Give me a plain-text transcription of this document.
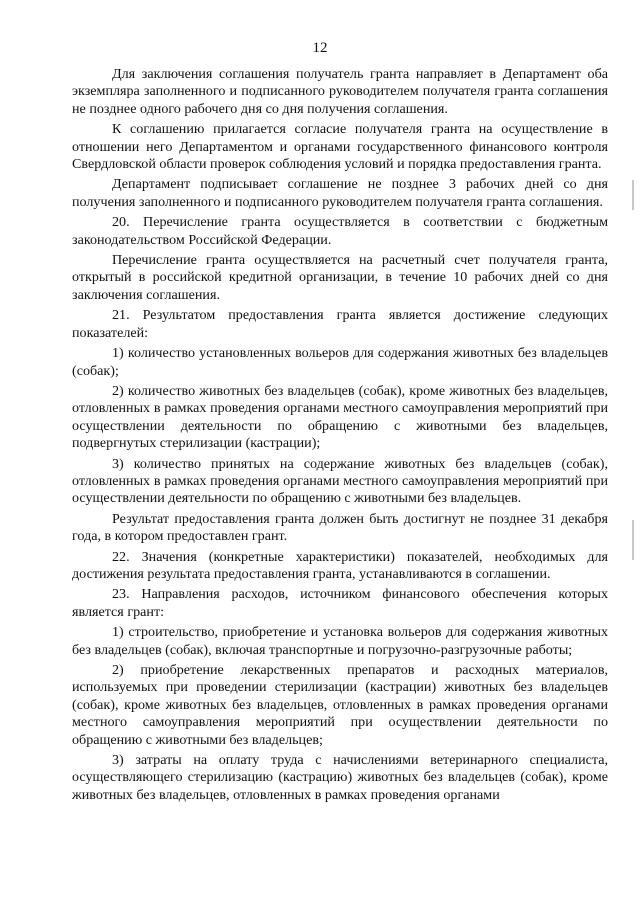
12

Для заключения соглашения получатель гранта направляет в Департамент оба экземпляра заполненного и подписанного руководителем получателя гранта соглашения не позднее одного рабочего дня со дня получения соглашения.

К соглашению прилагается согласие получателя гранта на осуществление в отношении него Департаментом и органами государственного финансового контроля Свердловской области проверок соблюдения условий и порядка предоставления гранта.

Департамент подписывает соглашение не позднее 3 рабочих дней со дня получения заполненного и подписанного руководителем получателя гранта соглашения.

20. Перечисление гранта осуществляется в соответствии с бюджетным законодательством Российской Федерации.

Перечисление гранта осуществляется на расчетный счет получателя гранта, открытый в российской кредитной организации, в течение 10 рабочих дней со дня заключения соглашения.

21. Результатом предоставления гранта является достижение следующих показателей:

1) количество установленных вольеров для содержания животных без владельцев (собак);

2) количество животных без владельцев (собак), кроме животных без владельцев, отловленных в рамках проведения органами местного самоуправления мероприятий при осуществлении деятельности по обращению с животными без владельцев, подвергнутых стерилизации (кастрации);

3) количество принятых на содержание животных без владельцев (собак), отловленных в рамках проведения органами местного самоуправления мероприятий при осуществлении деятельности по обращению с животными без владельцев.

Результат предоставления гранта должен быть достигнут не позднее 31 декабря года, в котором предоставлен грант.

22. Значения (конкретные характеристики) показателей, необходимых для достижения результата предоставления гранта, устанавливаются в соглашении.

23. Направления расходов, источником финансового обеспечения которых является грант:

1) строительство, приобретение и установка вольеров для содержания животных без владельцев (собак), включая транспортные и погрузочно-разгрузочные работы;

2) приобретение лекарственных препаратов и расходных материалов, используемых при проведении стерилизации (кастрации) животных без владельцев (собак), кроме животных без владельцев, отловленных в рамках проведения органами местного самоуправления мероприятий при осуществлении деятельности по обращению с животными без владельцев;

3) затраты на оплату труда с начислениями ветеринарного специалиста, осуществляющего стерилизацию (кастрацию) животных без владельцев (собак), кроме животных без владельцев, отловленных в рамках проведения органами
